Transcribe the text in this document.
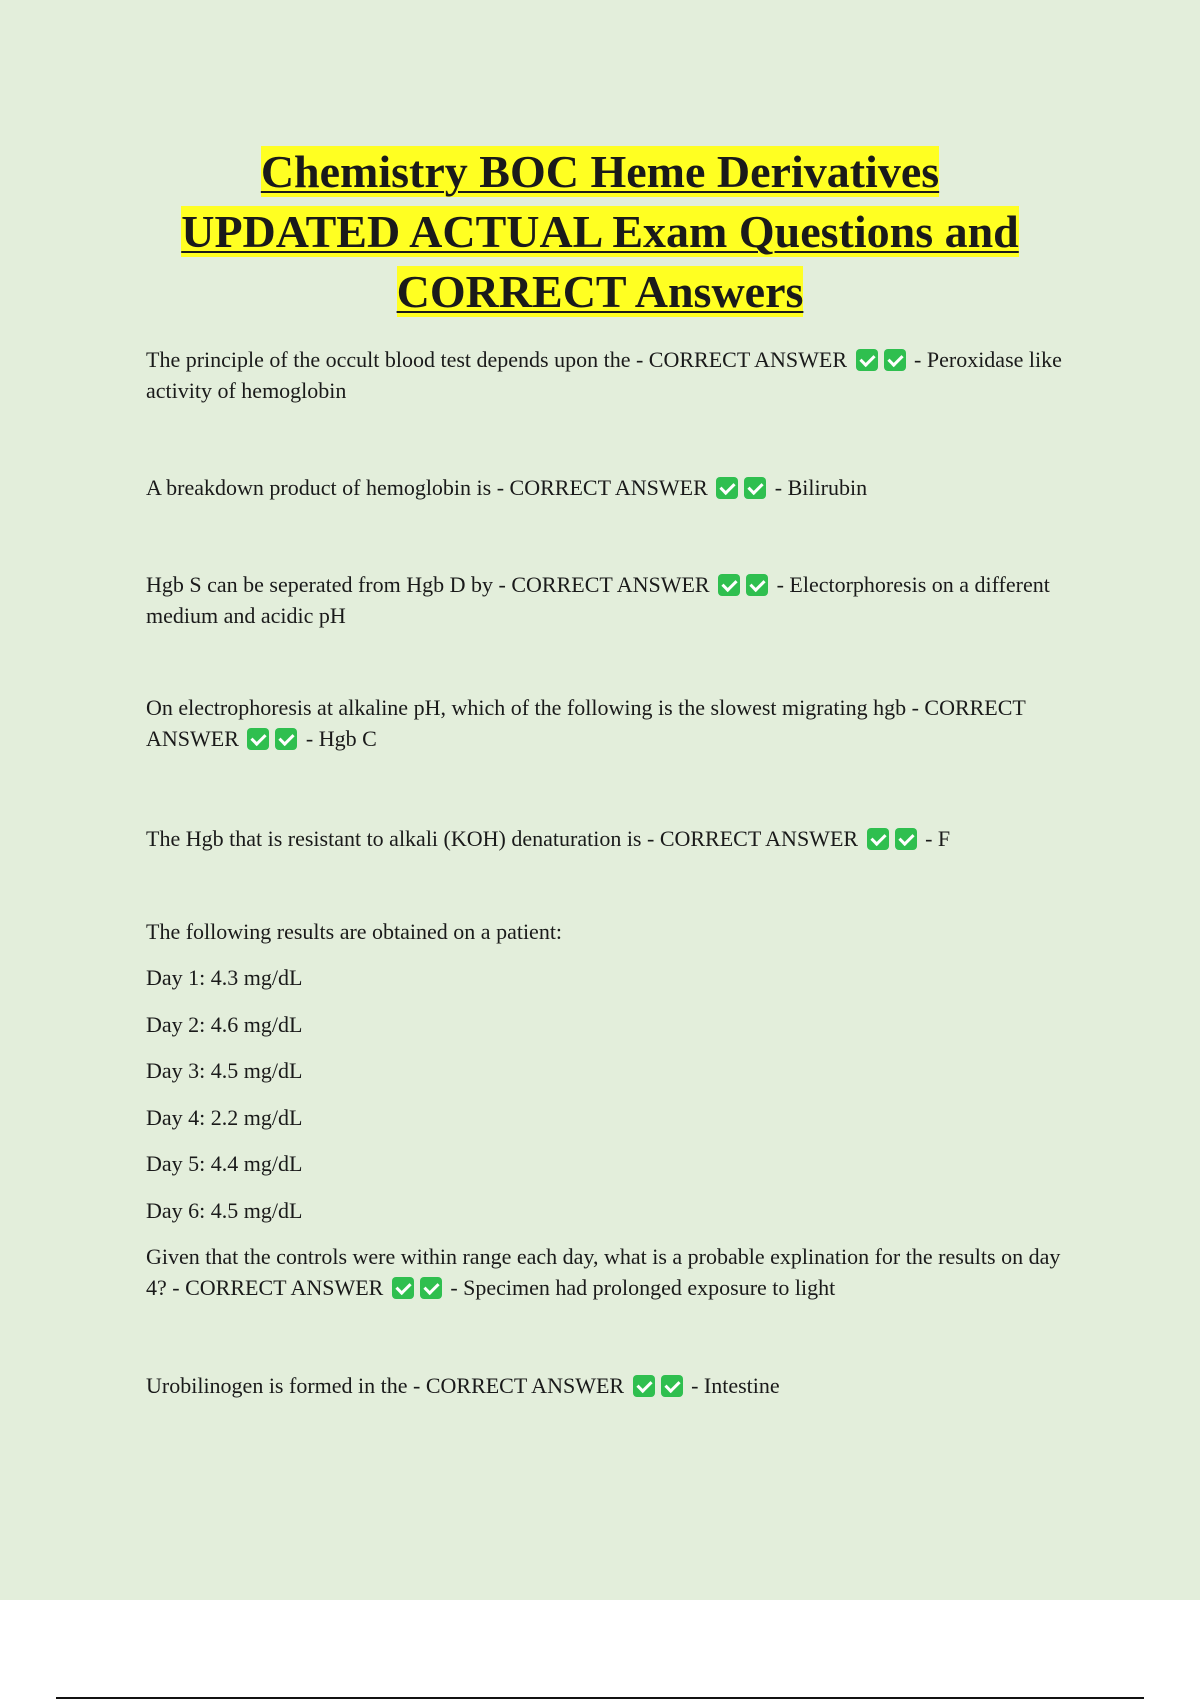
Chemistry BOC Heme Derivatives
UPDATED ACTUAL Exam Questions and
CORRECT Answers

The principle of the occult blood test depends upon the - CORRECT ANSWER	- Peroxidase like activity of hemoglobin

A breakdown product of hemoglobin is - CORRECT ANSWER	- Bilirubin

Hgb S can be seperated from Hgb D by - CORRECT ANSWER	- Electorphoresis on a different medium and acidic pH

On electrophoresis at alkaline pH, which of the following is the slowest migrating hgb - CORRECT ANSWER	- Hgb C

The Hgb that is resistant to alkali (KOH) denaturation is - CORRECT ANSWER	- F

The following results are obtained on a patient:

Day 1: 4.3 mg/dL

Day 2: 4.6 mg/dL

Day 3: 4.5 mg/dL

Day 4: 2.2 mg/dL

Day 5: 4.4 mg/dL

Day 6: 4.5 mg/dL

Given that the controls were within range each day, what is a probable explination for the results on day 4? - CORRECT ANSWER	- Specimen had prolonged exposure to light

Urobilinogen is formed in the - CORRECT ANSWER	- Intestine
